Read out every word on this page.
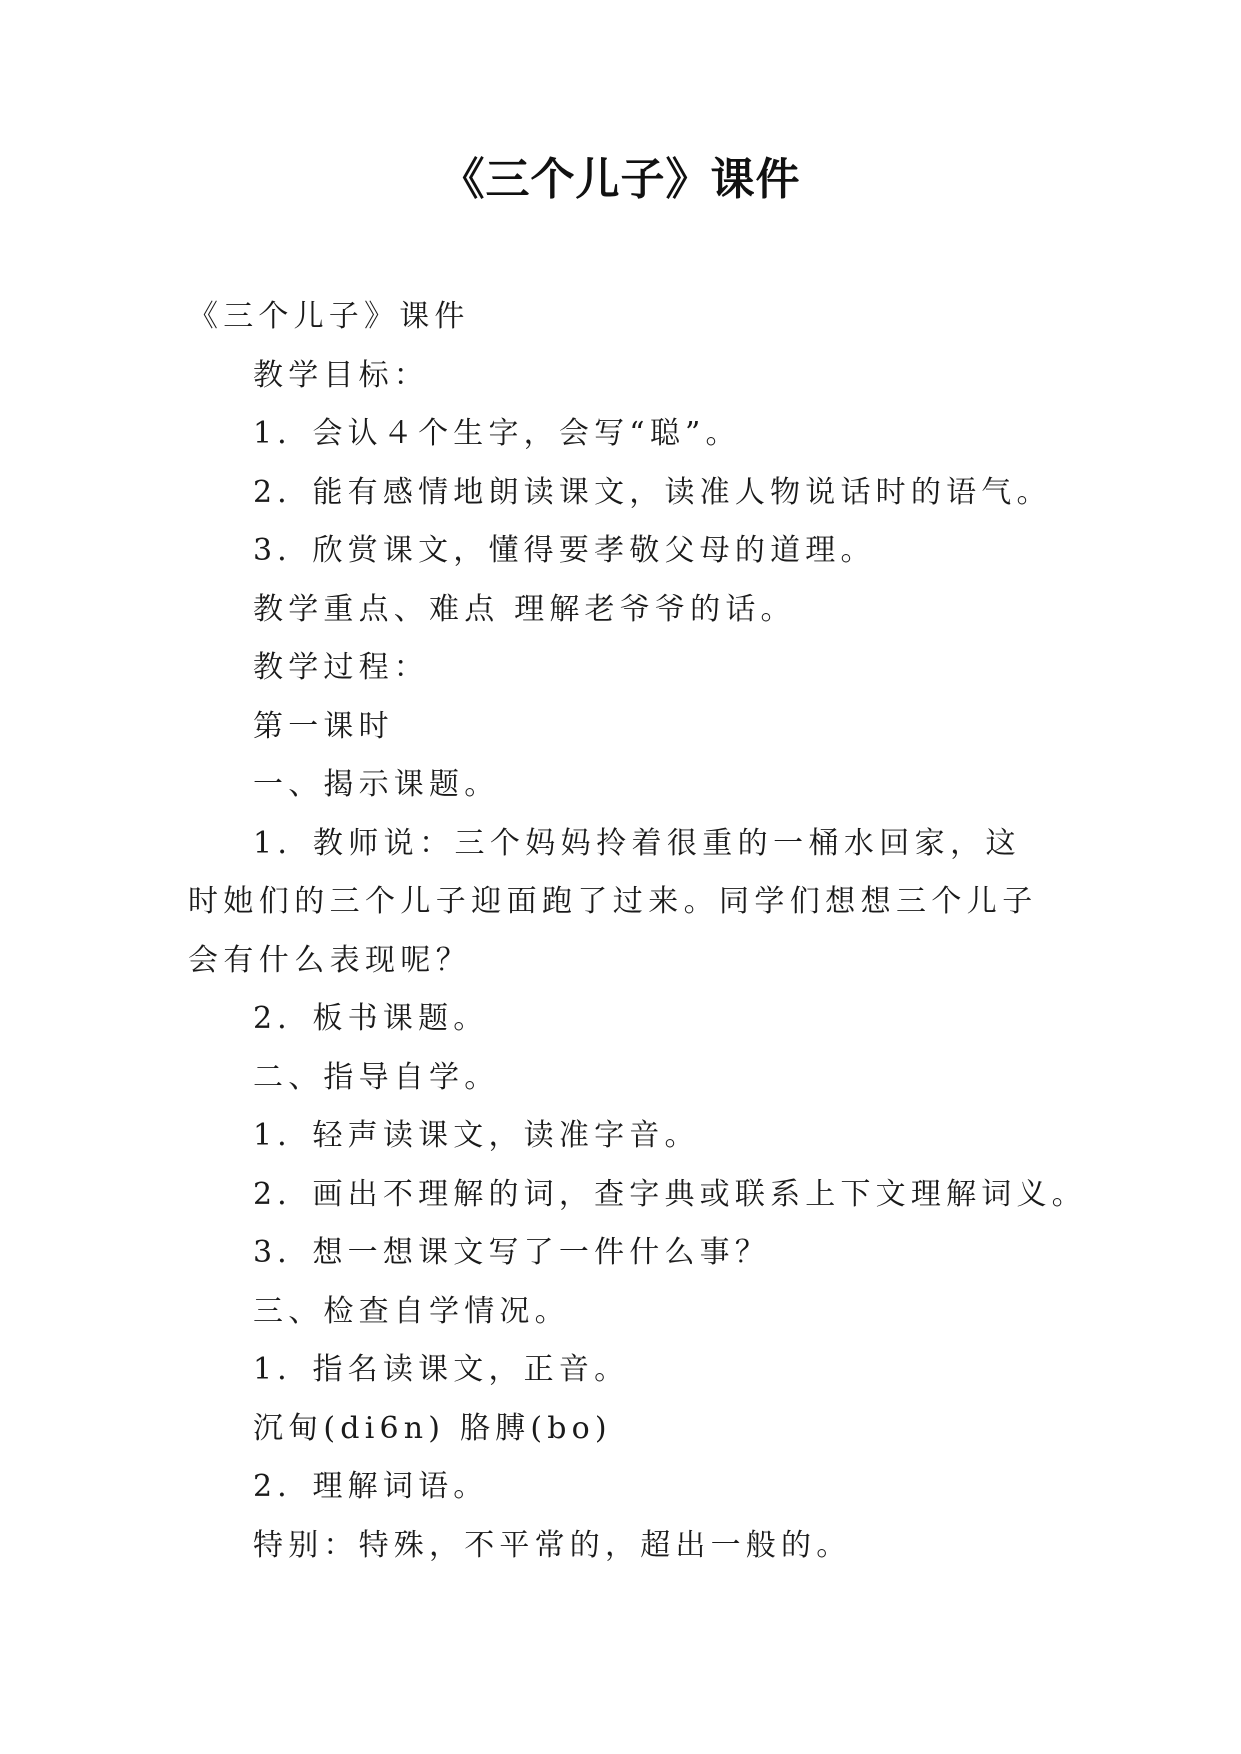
《三个儿子》课件

《三个儿子》课件

教学目标：

1．会认４个生字，会写“聪”。

2．能有感情地朗读课文，读准人物说话时的语气。

3．欣赏课文，懂得要孝敬父母的道理。

教学重点、难点 理解老爷爷的话。

教学过程：

第一课时

一、揭示课题。

1．教师说：三个妈妈拎着很重的一桶水回家，这时她们的三个儿子迎面跑了过来。同学们想想三个儿子会有什么表现呢？

2．板书课题。

二、指导自学。

1．轻声读课文，读准字音。

2．画出不理解的词，查字典或联系上下文理解词义。

3．想一想课文写了一件什么事？

三、检查自学情况。

1．指名读课文，正音。

沉甸(di6n) 胳膊(bo)

2．理解词语。

特别：特殊，不平常的，超出一般的。
